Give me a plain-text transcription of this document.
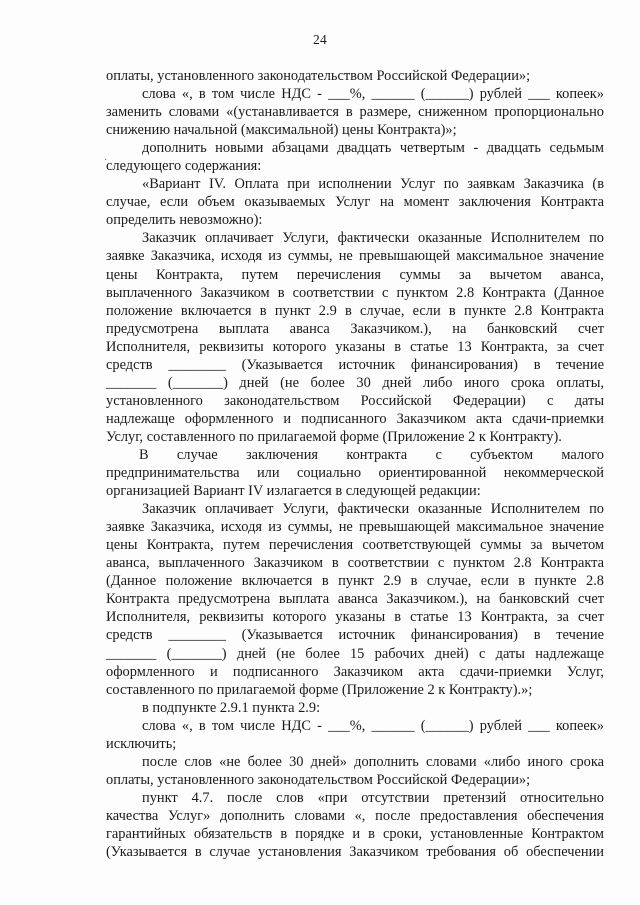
24
·
оплаты, установленного законодательством Российской Федерации»;
слова «, в том числе НДС - ___%, ______ (______) рублей ___ копеек»
заменить словами «(устанавливается в размере, сниженном пропорционально
снижению начальной (максимальной) цены Контракта)»;
дополнить новыми абзацами двадцать четвертым - двадцать седьмым
следующего содержания:
«Вариант IV. Оплата при исполнении Услуг по заявкам Заказчика (в
случае, если объем оказываемых Услуг на момент заключения Контракта
определить невозможно):
Заказчик оплачивает Услуги, фактически оказанные Исполнителем по
заявке Заказчика, исходя из суммы, не превышающей максимальное значение
цены Контракта, путем перечисления суммы за вычетом аванса,
выплаченного Заказчиком в соответствии с пунктом 2.8 Контракта (Данное
положение включается в пункт 2.9 в случае, если в пункте 2.8 Контракта
предусмотрена выплата аванса Заказчиком.), на банковский счет
Исполнителя, реквизиты которого указаны в статье 13 Контракта, за счет
средств ________ (Указывается источник финансирования) в течение
_______ (_______) дней (не более 30 дней либо иного срока оплаты,
установленного законодательством Российской Федерации) с даты
надлежаще оформленного и подписанного Заказчиком акта сдачи-приемки
Услуг, составленного по прилагаемой форме (Приложение 2 к Контракту).
В случае заключения контракта с субъектом малого
предпринимательства или социально ориентированной некоммерческой
организацией Вариант IV излагается в следующей редакции:
Заказчик оплачивает Услуги, фактически оказанные Исполнителем по
заявке Заказчика, исходя из суммы, не превышающей максимальное значение
цены Контракта, путем перечисления соответствующей суммы за вычетом
аванса, выплаченного Заказчиком в соответствии с пунктом 2.8 Контракта
(Данное положение включается в пункт 2.9 в случае, если в пункте 2.8
Контракта предусмотрена выплата аванса Заказчиком.), на банковский счет
Исполнителя, реквизиты которого указаны в статье 13 Контракта, за счет
средств ________ (Указывается источник финансирования) в течение
_______ (_______) дней (не более 15 рабочих дней) с даты надлежаще
оформленного и подписанного Заказчиком акта сдачи-приемки Услуг,
составленного по прилагаемой форме (Приложение 2 к Контракту).»;
в подпункте 2.9.1 пункта 2.9:
слова «, в том числе НДС - ___%, ______ (______) рублей ___ копеек»
исключить;
после слов «не более 30 дней» дополнить словами «либо иного срока
оплаты, установленного законодательством Российской Федерации»;
пункт 4.7. после слов «при отсутствии претензий относительно
качества Услуг» дополнить словами «, после предоставления обеспечения
гарантийных обязательств в порядке и в сроки, установленные Контрактом
(Указывается в случае установления Заказчиком требования об обеспечении
